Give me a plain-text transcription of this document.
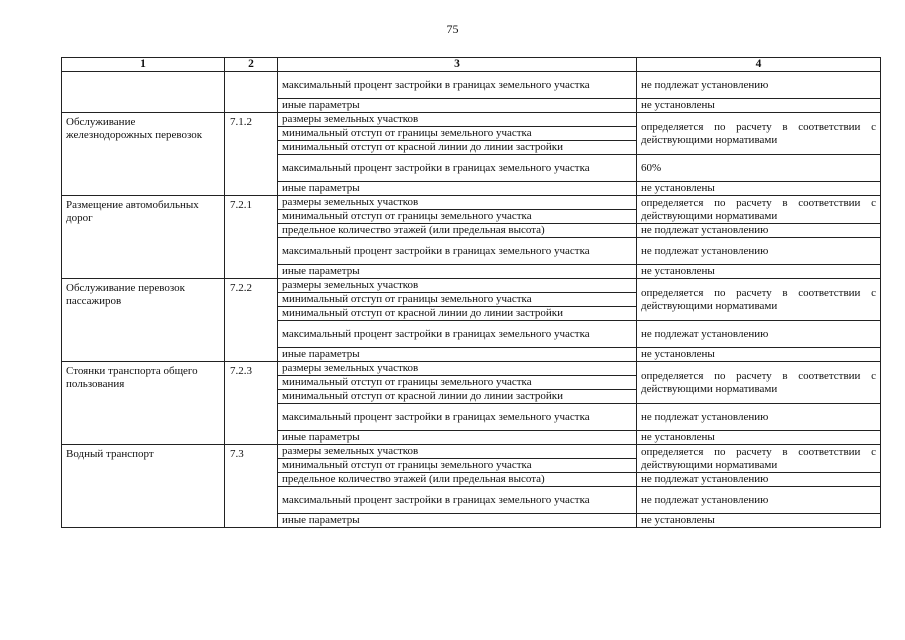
75
1	2	3	4
		максимальный процент застройки в границах земельного участка	не подлежат установлению
		иные параметры	не установлены
Обслуживание железнодорожных перевозок	7.1.2	размеры земельных участков	определяется по расчету в соответствии с действующими нормативами
		минимальный отступ от границы земельного участка	
		минимальный отступ от красной линии до линии застройки	
		максимальный процент застройки в границах земельного участка	60%
		иные параметры	не установлены
Размещение автомобильных дорог	7.2.1	размеры земельных участков	определяется по расчету в соответствии с действующими нормативами
		минимальный отступ от границы земельного участка	
		предельное количество этажей (или предельная высота)	не подлежат установлению
		максимальный процент застройки в границах земельного участка	не подлежат установлению
		иные параметры	не установлены
Обслуживание перевозок пассажиров	7.2.2	размеры земельных участков	определяется по расчету в соответствии с действующими нормативами
		минимальный отступ от границы земельного участка	
		минимальный отступ от красной линии до линии застройки	
		максимальный процент застройки в границах земельного участка	не подлежат установлению
		иные параметры	не установлены
Стоянки транспорта общего пользования	7.2.3	размеры земельных участков	определяется по расчету в соответствии с действующими нормативами
		минимальный отступ от границы земельного участка	
		минимальный отступ от красной линии до линии застройки	
		максимальный процент застройки в границах земельного участка	не подлежат установлению
		иные параметры	не установлены
Водный транспорт	7.3	размеры земельных участков	определяется по расчету в соответствии с действующими нормативами
		минимальный отступ от границы земельного участка	
		предельное количество этажей (или предельная высота)	не подлежат установлению
		максимальный процент застройки в границах земельного участка	не подлежат установлению
		иные параметры	не установлены
